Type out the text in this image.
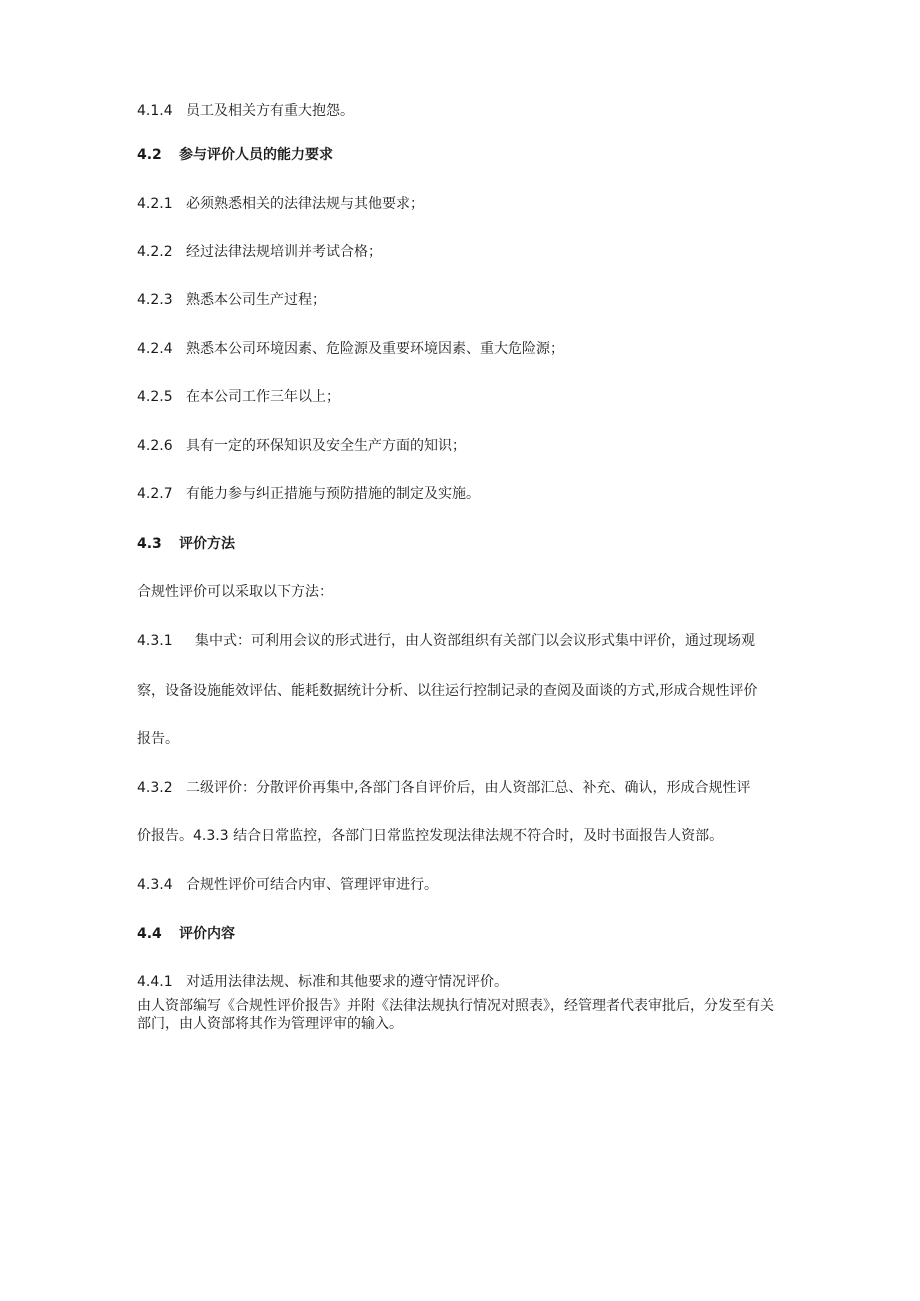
4.1.4 员工及相关方有重大抱怨。
4.2 参与评价人员的能力要求
4.2.1 必须熟悉相关的法律法规与其他要求；
4.2.2 经过法律法规培训并考试合格；
4.2.3 熟悉本公司生产过程；
4.2.4 熟悉本公司环境因素、危险源及重要环境因素、重大危险源；
4.2.5 在本公司工作三年以上；
4.2.6 具有一定的环保知识及安全生产方面的知识；
4.2.7 有能力参与纠正措施与预防措施的制定及实施。
4.3 评价方法
合规性评价可以采取以下方法：
4.3.1 集中式：可利用会议的形式进行，由人资部组织有关部门以会议形式集中评价，通过现场观
察，设备设施能效评估、能耗数据统计分析、以往运行控制记录的查阅及面谈的方式,形成合规性评价
报告。
4.3.2 二级评价：分散评价再集中,各部门各自评价后，由人资部汇总、补充、确认，形成合规性评
价报告。4.3.3 结合日常监控，各部门日常监控发现法律法规不符合时，及时书面报告人资部。
4.3.4 合规性评价可结合内审、管理评审进行。
4.4 评价内容
4.4.1 对适用法律法规、标准和其他要求的遵守情况评价。
由人资部编写《合规性评价报告》并附《法律法规执行情况对照表》，经管理者代表审批后，分发至有关部门，由人资部将其作为管理评审的输入。
